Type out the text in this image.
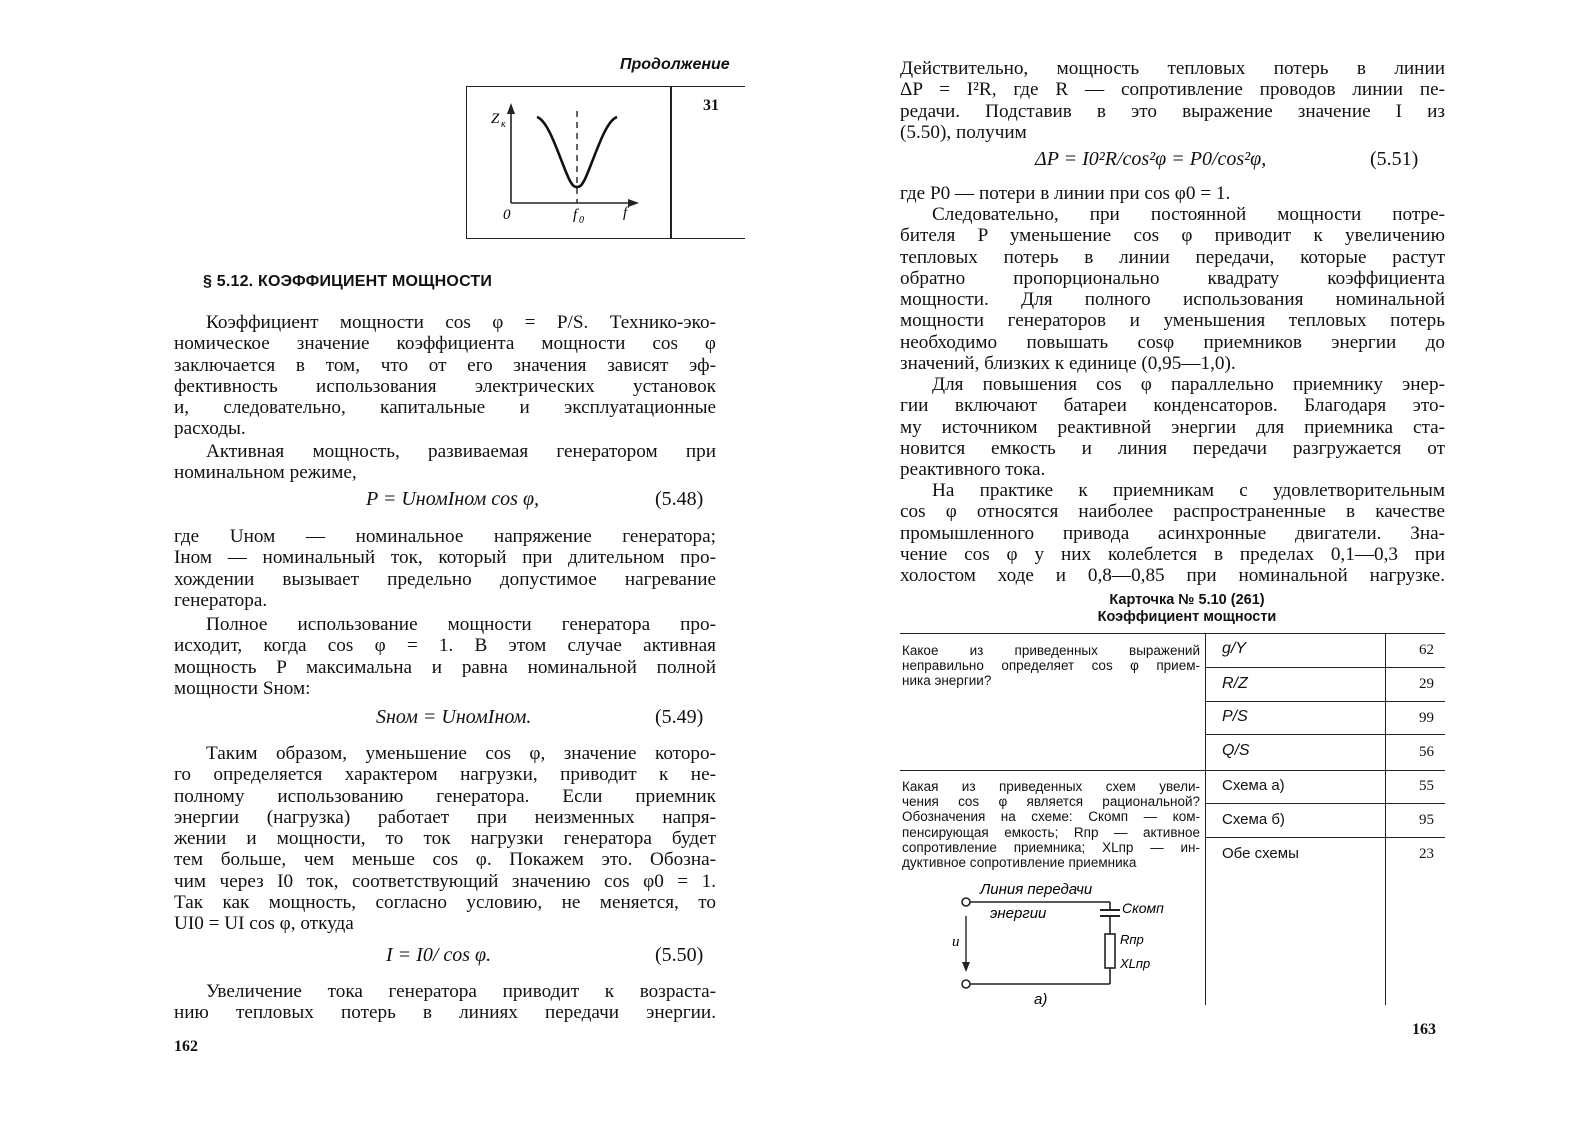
Продолжение
31
Z к
0	f 0	f
§ 5.12. КОЭФФИЦИЕНТ МОЩНОСТИ
Коэффициент мощности cos φ = P/S. Технико-эко-
номическое значение коэффициента мощности cos φ
заключается в том, что от его значения зависят эф-
фективность использования электрических установок
и, следовательно, капитальные и эксплуатационные
расходы.
Активная мощность, развиваемая генератором при
номинальном режиме,
P = UномIном cos φ,	(5.48)
где Uном — номинальное напряжение генератора;
Iном — номинальный ток, который при длительном про-
хождении вызывает предельно допустимое нагревание
генератора.
Полное использование мощности генератора про-
исходит, когда cos φ = 1. В этом случае активная
мощность P максимальна и равна номинальной полной
мощности Sном:
Sном = UномIном.	(5.49)
Таким образом, уменьшение cos φ, значение которо-
го определяется характером нагрузки, приводит к не-
полному использованию генератора. Если приемник
энергии (нагрузка) работает при неизменных напря-
жении и мощности, то ток нагрузки генератора будет
тем больше, чем меньше cos φ. Покажем это. Обозна-
чим через I0 ток, соответствующий значению cos φ0 = 1.
Так как мощность, согласно условию, не меняется, то
UI0 = UI cos φ, откуда
I = I0/ cos φ.	(5.50)
Увеличение тока генератора приводит к возраста-
нию тепловых потерь в линиях передачи энергии.
162
Действительно, мощность тепловых потерь в линии
ΔP = I²R, где R — сопротивление проводов линии пе-
редачи. Подставив в это выражение значение I из
(5.50), получим
ΔP = I0²R/cos²φ = P0/cos²φ,	(5.51)
где P0 — потери в линии при cos φ0 = 1.
Следовательно, при постоянной мощности потре-
бителя P уменьшение cos φ приводит к увеличению
тепловых потерь в линии передачи, которые растут
обратно пропорционально квадрату коэффициента
мощности. Для полного использования номинальной
мощности генераторов и уменьшения тепловых потерь
необходимо повышать cosφ приемников энергии до
значений, близких к единице (0,95—1,0).
Для повышения cos φ параллельно приемнику энер-
гии включают батареи конденсаторов. Благодаря это-
му источником реактивной энергии для приемника ста-
новится емкость и линия передачи разгружается от
реактивного тока.
На практике к приемникам с удовлетворительным
cos φ относятся наиболее распространенные в качестве
промышленного привода асинхронные двигатели. Зна-
чение cos φ у них колеблется в пределах 0,1—0,3 при
холостом ходе и 0,8—0,85 при номинальной нагрузке.
163
Карточка № 5.10 (261)
Коэффициент мощности
Какое из приведенных выражений
неправильно определяет cos φ прием-
ника энергии?
g/Y	62
R/Z	29
P/S	99
Q/S	56
Какая из приведенных схем увели-
чения cos φ является рациональной?
Обозначения на схеме: Cкомп — ком-
пенсирующая емкость; Rпр — активное
сопротивление приемника; XLпр — ин-
дуктивное сопротивление приемника
Схема а)	55
Схема б)	95
Обе схемы	23
Линия передачи
энергии	Cкомп
Rпр
XLпр
u
а)
